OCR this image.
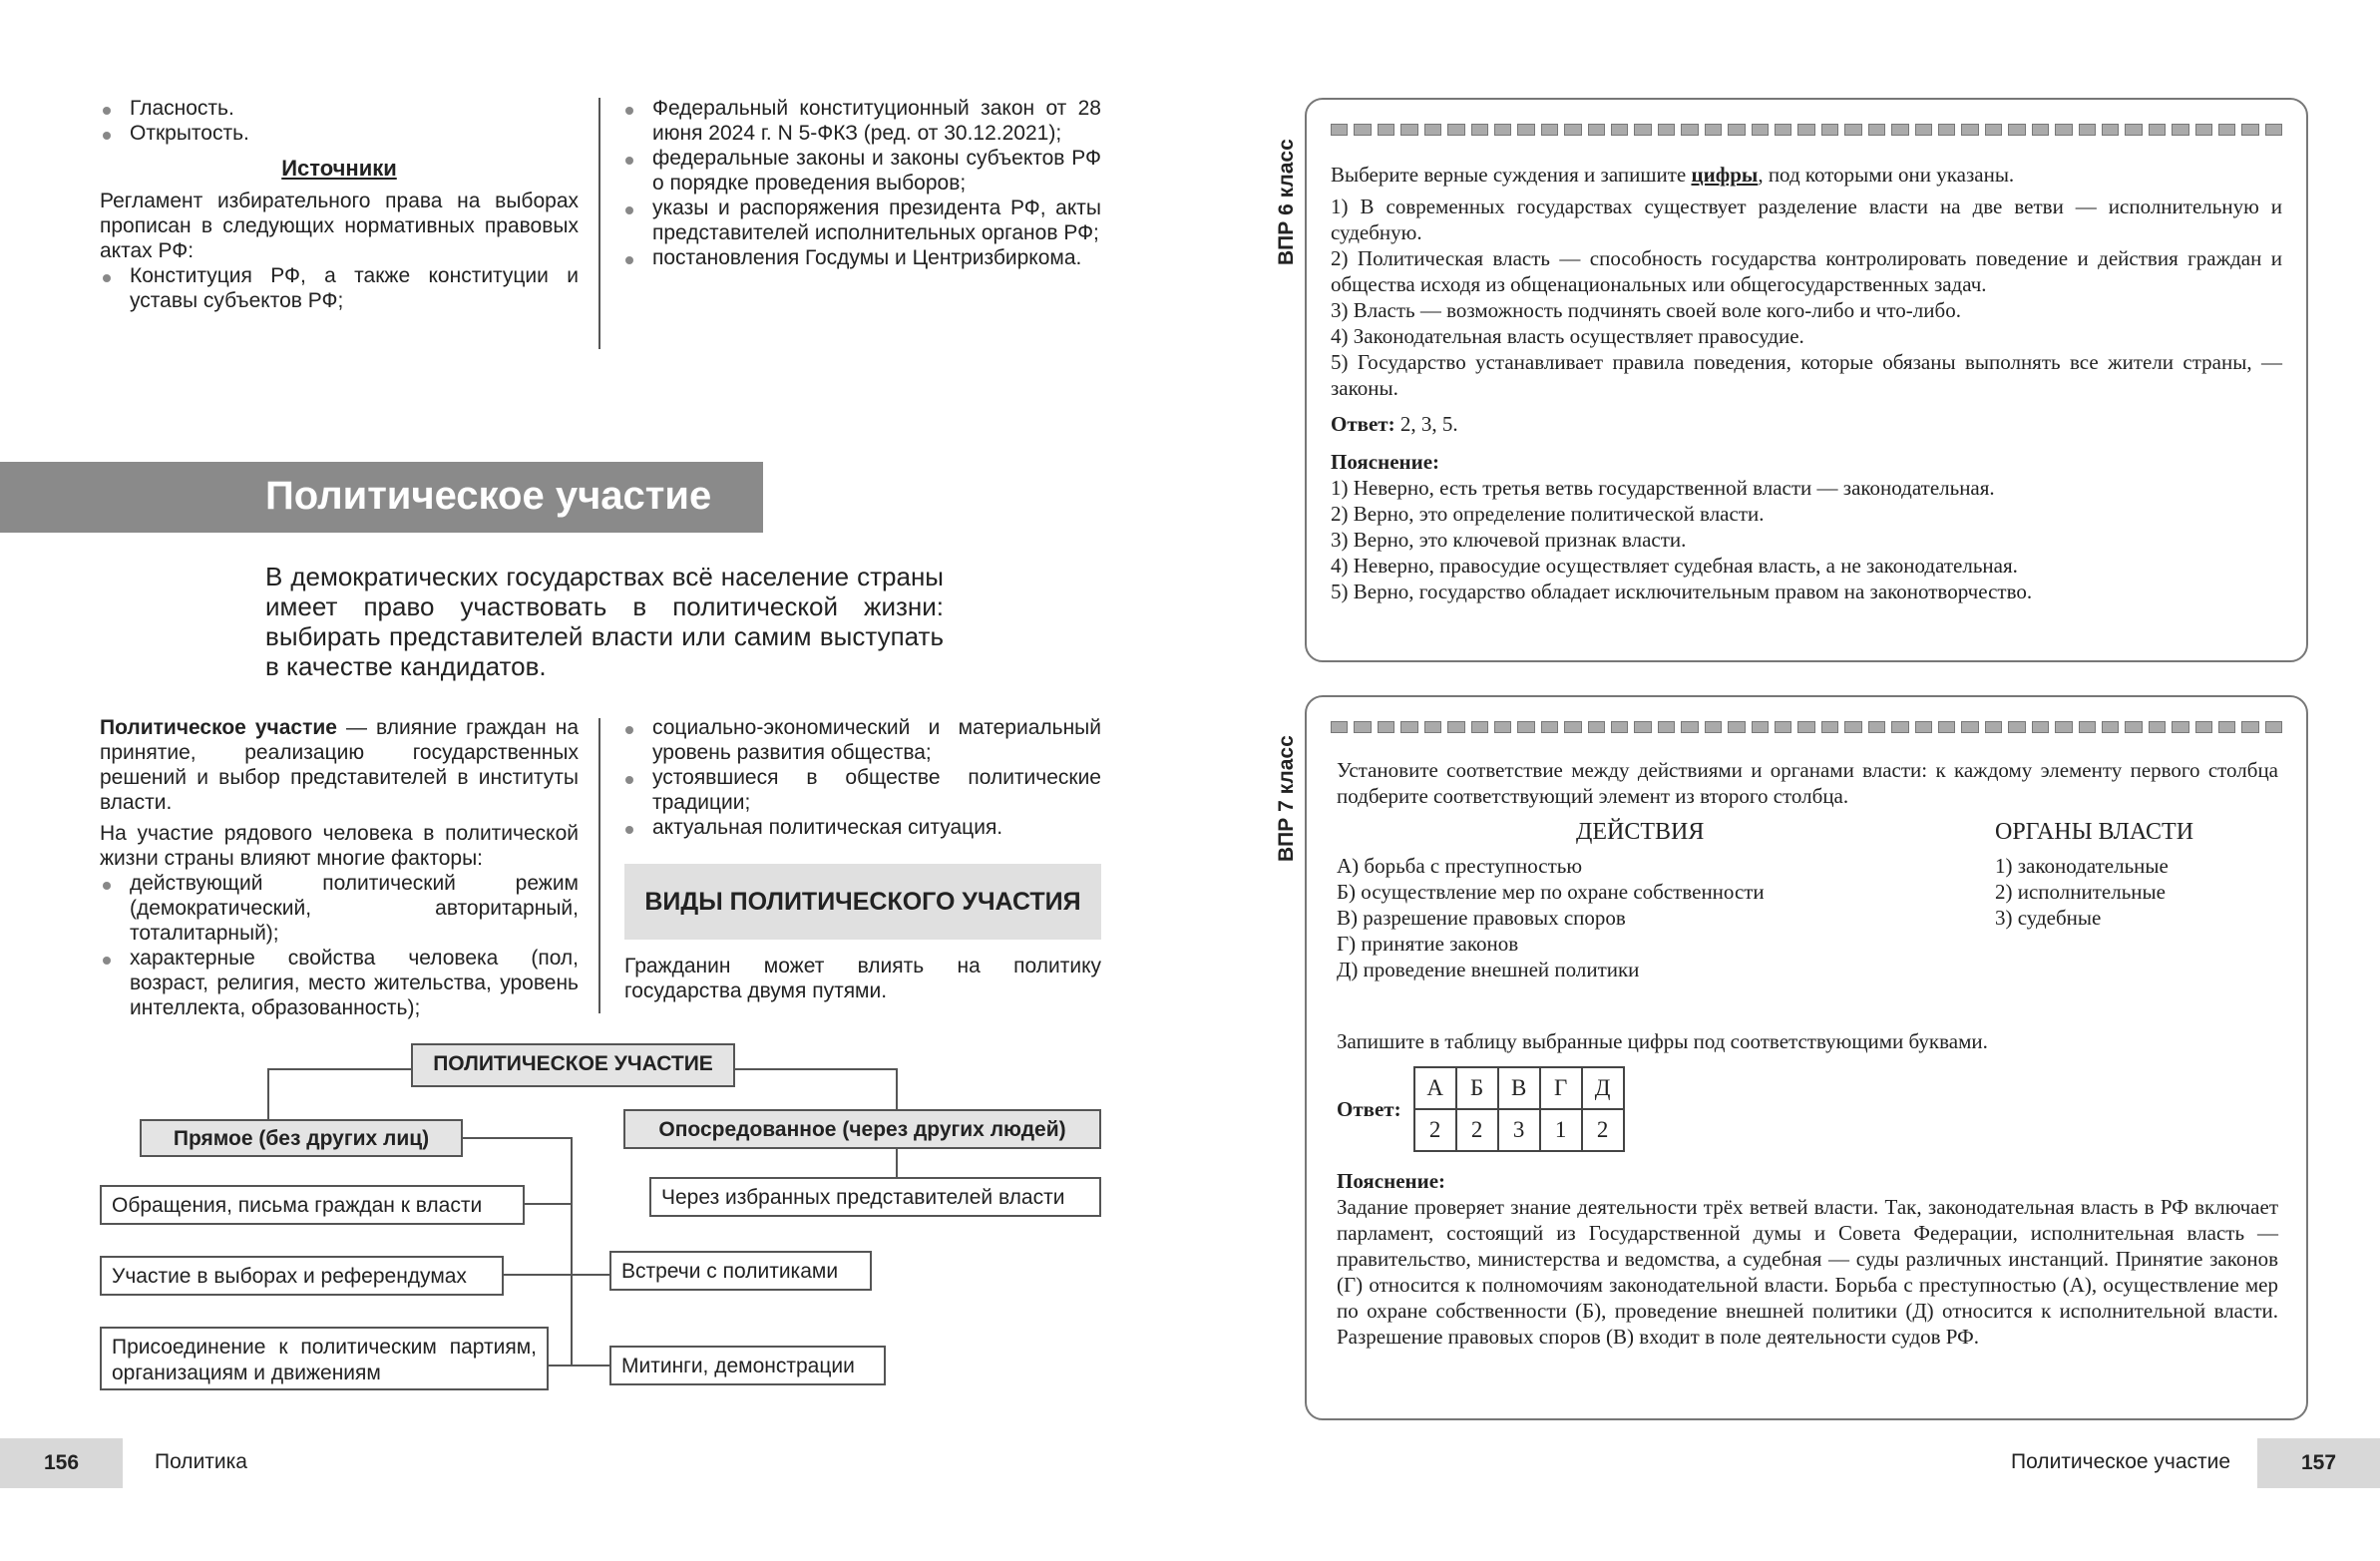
Гласность.
Открытость.
Источники
Регламент избирательного права на выборах прописан в следующих нормативных правовых актах РФ:
Конституция РФ, а также конституции и уставы субъектов РФ;
Федеральный конституционный закон от 28 июня 2024 г. N 5-ФКЗ (ред. от 30.12.2021);
федеральные законы и законы субъектов РФ о порядке проведения выборов;
указы и распоряжения президента РФ, акты представителей исполнительных органов РФ;
постановления Госдумы и Центризбиркома.
Политическое участие
В демократических государствах всё население страны имеет право участвовать в политической жизни: выбирать представителей власти или самим выступать в качестве кандидатов.
Политическое участие — влияние граждан на принятие, реализацию государственных решений и выбор представителей в институты власти.
На участие рядового человека в политической жизни страны влияют многие факторы:
действующий политический режим (демократический, авторитарный, тоталитарный);
характерные свойства человека (пол, возраст, религия, место жительства, уровень интеллекта, образованность);
социально-экономический и материальный уровень развития общества;
устоявшиеся в обществе политические традиции;
актуальная политическая ситуация.
ВИДЫ ПОЛИТИЧЕСКОГО УЧАСТИЯ
Гражданин может влиять на политику государства двумя путями.
ПОЛИТИЧЕСКОЕ УЧАСТИЕ
Прямое (без других лиц)	Опосредованное (через других людей)
Обращения, письма граждан к власти
Участие в выборах и референдумах
Присоединение к политическим партиям, организациям и движениям
Через избранных представителей власти
Встречи с политиками
Митинги, демонстрации
156	Политика
ВПР 6 класс Выберите верные суждения и запишите цифры, под которыми они указаны.
1) В современных государствах существует разделение власти на две ветви — исполнительную и судебную.
2) Политическая власть — способность государства контролировать поведение и действия граждан и общества исходя из общенациональных или общегосударственных задач.
3) Власть — возможность подчинять своей воле кого-либо и что-либо.
4) Законодательная власть осуществляет правосудие.
5) Государство устанавливает правила поведения, которые обязаны выполнять все жители страны, — законы.
Ответ: 2, 3, 5.
Пояснение:
1) Неверно, есть третья ветвь государственной власти — законодательная.
2) Верно, это определение политической власти.
3) Верно, это ключевой признак власти.
4) Неверно, правосудие осуществляет судебная власть, а не законодательная.
5) Верно, государство обладает исключительным правом на законотворчество.
ВПР 7 класс Установите соответствие между действиями и органами власти: к каждому элементу первого столбца подберите соответствующий элемент из второго столбца.
ДЕЙСТВИЯ	ОРГАНЫ ВЛАСТИ
А) борьба с преступностью
Б) осуществление мер по охране собственности
В) разрешение правовых споров
Г) принятие законов
Д) проведение внешней политики
1) законодательные
2) исполнительные
3) судебные
Запишите в таблицу выбранные цифры под соответствующими буквами.
Ответ:
А	Б	В	Г	Д
2	2	3	1	2
Пояснение:
Задание проверяет знание деятельности трёх ветвей власти. Так, законодательная власть в РФ включает парламент, состоящий из Государственной думы и Совета Федерации, исполнительная власть — правительство, министерства и ведомства, а судебная — суды различных инстанций. Принятие законов (Г) относится к полномочиям законодательной власти. Борьба с преступностью (А), осуществление мер по охране собственности (Б), проведение внешней политики (Д) относится к исполнительной власти. Разрешение правовых споров (В) входит в поле деятельности судов РФ.
Политическое участие	157
